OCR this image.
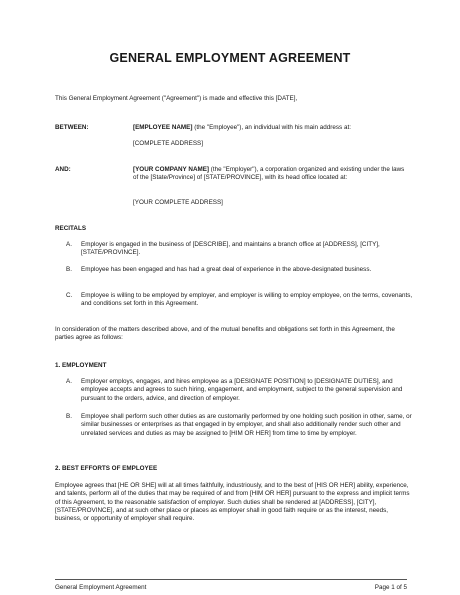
GENERAL EMPLOYMENT AGREEMENT
This General Employment Agreement ("Agreement") is made and effective this [DATE],
BETWEEN:	[EMPLOYEE NAME] (the "Employee"), an individual with his main address at:
[COMPLETE ADDRESS]
AND:	[YOUR COMPANY NAME] (the "Employer"), a corporation organized and existing under the laws of the [State/Province] of [STATE/PROVINCE], with its head office located at:
[YOUR COMPLETE ADDRESS]
RECITALS
A. Employer is engaged in the business of [DESCRIBE], and maintains a branch office at [ADDRESS], [CITY], [STATE/PROVINCE].
B. Employee has been engaged and has had a great deal of experience in the above-designated business.
C. Employee is willing to be employed by employer, and employer is willing to employ employee, on the terms, covenants, and conditions set forth in this Agreement.
In consideration of the matters described above, and of the mutual benefits and obligations set forth in this Agreement, the parties agree as follows:
1. EMPLOYMENT
A. Employer employs, engages, and hires employee as a [DESIGNATE POSITION] to [DESIGNATE DUTIES], and employee accepts and agrees to such hiring, engagement, and employment, subject to the general supervision and pursuant to the orders, advice, and direction of employer.
B. Employee shall perform such other duties as are customarily performed by one holding such position in other, same, or similar businesses or enterprises as that engaged in by employer, and shall also additionally render such other and unrelated services and duties as may be assigned to [HIM OR HER] from time to time by employer.
2. BEST EFFORTS OF EMPLOYEE
Employee agrees that [HE OR SHE] will at all times faithfully, industriously, and to the best of [HIS OR HER] ability, experience, and talents, perform all of the duties that may be required of and from [HIM OR HER] pursuant to the express and implicit terms of this Agreement, to the reasonable satisfaction of employer. Such duties shall be rendered at [ADDRESS], [CITY], [STATE/PROVINCE], and at such other place or places as employer shall in good faith require or as the interest, needs, business, or opportunity of employer shall require.
General Employment Agreement	Page 1 of 5
